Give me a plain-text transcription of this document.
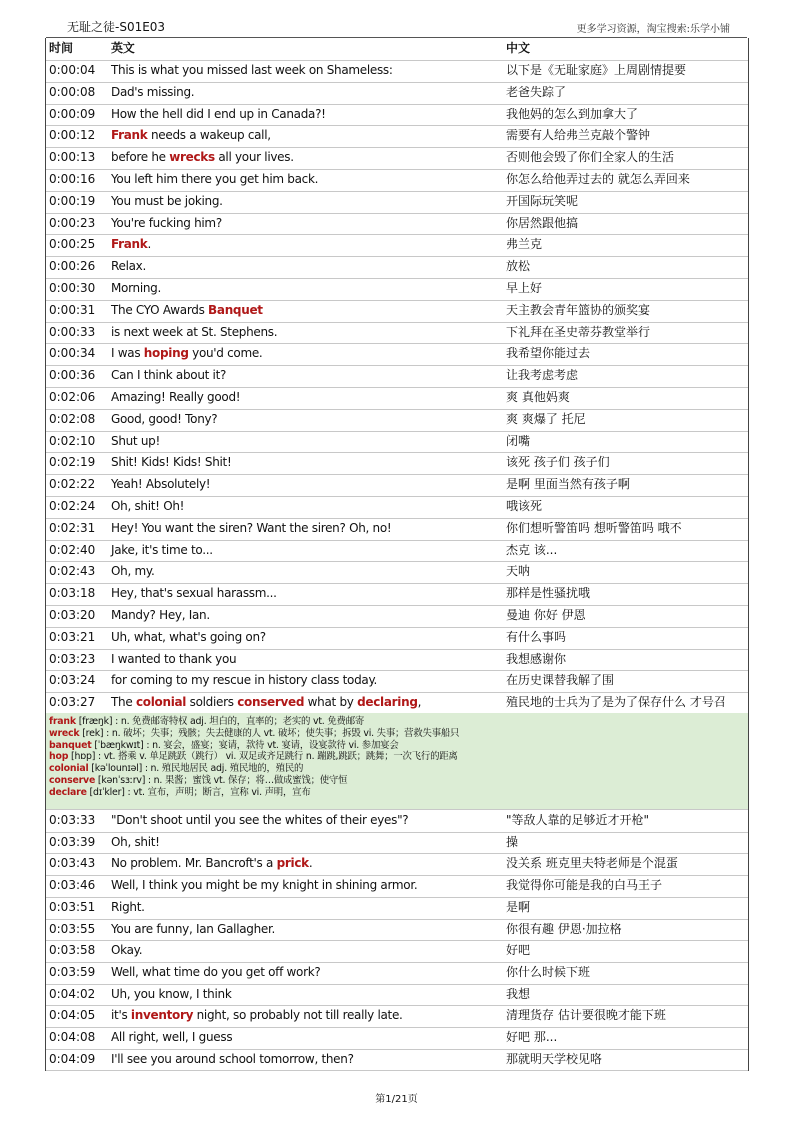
无耻之徒-S01E03	更多学习资源，淘宝搜索:乐学小铺
时间	英文	中文
0:00:04 This is what you missed last week on Shameless:	以下是《无耻家庭》上周剧情提要
0:00:08 Dad's missing.	老爸失踪了
0:00:09 How the hell did I end up in Canada?!	我他妈的怎么到加拿大了
0:00:12 Frank needs a wakeup call,	需要有人给弗兰克敲个警钟
0:00:13 before he wrecks all your lives.	否则他会毁了你们全家人的生活
0:00:16 You left him there you get him back.	你怎么给他弄过去的 就怎么弄回来
0:00:19 You must be joking.	开国际玩笑呢
0:00:23 You're fucking him?	你居然跟他搞
0:00:25 Frank.	弗兰克
0:00:26 Relax.	放松
0:00:30 Morning.	早上好
0:00:31 The CYO Awards Banquet	天主教会青年篮协的颁奖宴
0:00:33 is next week at St. Stephens.	下礼拜在圣史蒂芬教堂举行
0:00:34 I was hoping you'd come.	我希望你能过去
0:00:36 Can I think about it?	让我考虑考虑
0:02:06 Amazing! Really good!	爽 真他妈爽
0:02:08 Good, good! Tony?	爽 爽爆了 托尼
0:02:10 Shut up!	闭嘴
0:02:19 Shit! Kids! Kids! Shit!	该死 孩子们 孩子们
0:02:22 Yeah! Absolutely!	是啊 里面当然有孩子啊
0:02:24 Oh, shit! Oh!	哦该死
0:02:31 Hey! You want the siren? Want the siren? Oh, no!	你们想听警笛吗 想听警笛吗 哦不
0:02:40 Jake, it's time to...	杰克 该...
0:02:43 Oh, my.	天呐
0:03:18 Hey, that's sexual harassm...	那样是性骚扰哦
0:03:20 Mandy? Hey, Ian.	曼迪 你好 伊恩
0:03:21 Uh, what, what's going on?	有什么事吗
0:03:23 I wanted to thank you	我想感谢你
0:03:24 for coming to my rescue in history class today.	在历史课替我解了围
0:03:27 The colonial soldiers conserved what by declaring,	殖民地的士兵为了是为了保存什么 才号召
frank [fræŋk] : n. 免费邮寄特权 adj. 坦白的，直率的；老实的 vt. 免费邮寄
wreck [rek] : n. 破坏；失事；残骸；失去健康的人 vt. 破坏；使失事；拆毁 vi. 失事；营救失事船只
banquet [ˈbæŋkwɪt] : n. 宴会，盛宴；宴请，款待 vt. 宴请，设宴款待 vi. 参加宴会
hop [hɒp] : vt. 搭乘 v. 单足跳跃（跳行） vi. 双足或齐足跳行 n. 蹦跳,跳跃；跳舞；一次飞行的距离
colonial [kəˈlounɪəl] : n. 殖民地居民 adj. 殖民地的，殖民的
conserve [kənˈsɜːrv] : n. 果酱；蜜饯 vt. 保存；将…做成蜜饯；使守恒
declare [dɪˈkler] : vt. 宣布，声明；断言，宣称 vi. 声明，宣布
0:03:33 "Don't shoot until you see the whites of their eyes"?	"等敌人靠的足够近才开枪"
0:03:39 Oh, shit!	操
0:03:43 No problem. Mr. Bancroft's a prick.	没关系 班克里夫特老师是个混蛋
0:03:46 Well, I think you might be my knight in shining armor.	我觉得你可能是我的白马王子
0:03:51 Right.	是啊
0:03:55 You are funny, Ian Gallagher.	你很有趣 伊恩·加拉格
0:03:58 Okay.	好吧
0:03:59 Well, what time do you get off work?	你什么时候下班
0:04:02 Uh, you know, I think	我想
0:04:05 it's inventory night, so probably not till really late.	清理货存 估计要很晚才能下班
0:04:08 All right, well, I guess	好吧 那...
0:04:09 I'll see you around school tomorrow, then?	那就明天学校见咯
第1/21页
